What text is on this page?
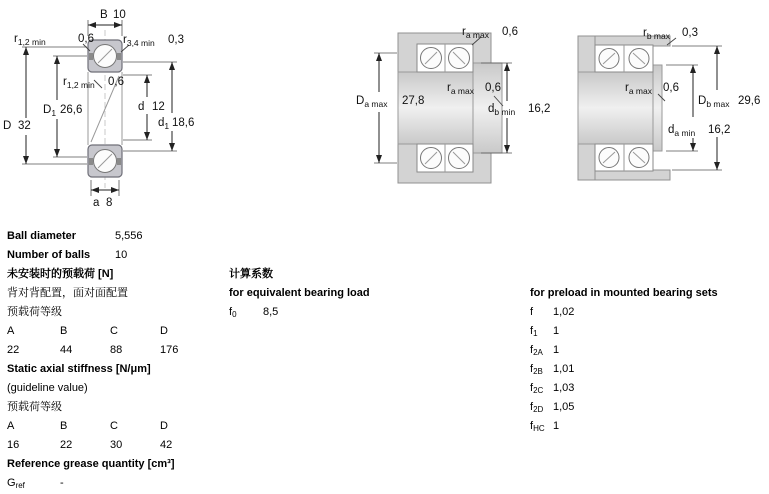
B 10
a 8
D 32
$D_1$ 26,6	d 12
$d_1$ 18,6
$r_{1,2 min}$	0,6	$r_{3,4 min}$ 0,3
$r_{1,2 min}$ 0,6
$D_{a max}$ 27,8
$d_{b min}$ 16,2
$r_{a max}$ 0,6
$r_{a max}$ 0,6
$D_{b max}$ 29,6
$d_{a min}$ 16,2
$r_{b max}$ 0,3
$r_{a max}$ 0,6
Ball diameter	5,556
Number of balls 10
未安装时的预载荷 [N]
背对背配置，面对面配置
预载荷等级
A	B	C	D
22	44	88	176
Static axial stiffness [N/μm]
(guideline value)
预载荷等级
A	B	C	D
16	22	30	42
Reference grease quantity [cm³]
$G_{ref}$	-
计算系数
for equivalent bearing load
$f_0$ 8,5
for preload in mounted bearing sets
f 1,02
$f_1$ 1
$f_{2A}$ 1
$f_{2B}$ 1,01
$f_{2C}$ 1,03
$f_{2D}$ 1,05
$f_{HC}$ 1
